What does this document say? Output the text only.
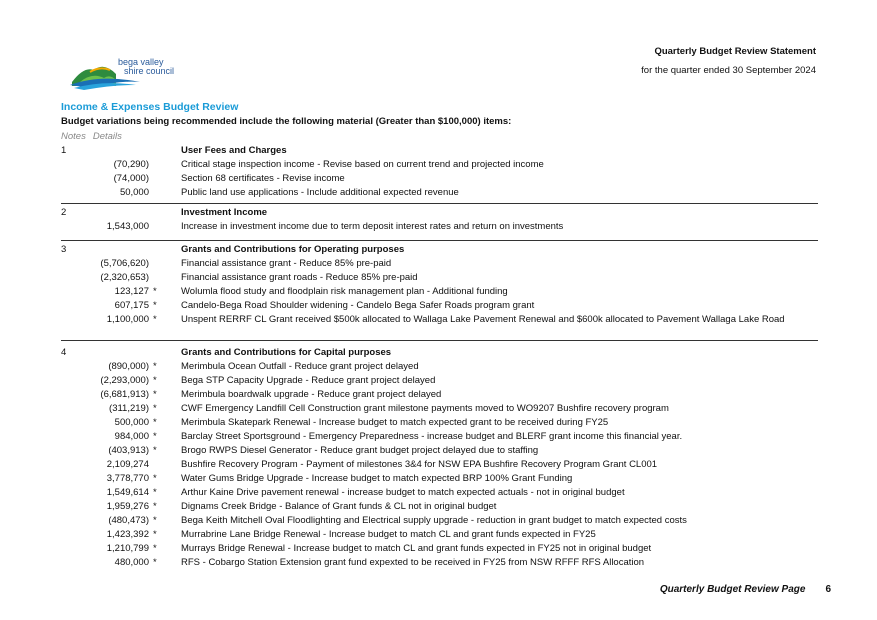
bega valley
shire council
Quarterly Budget Review Statement
for the quarter ended 30 September 2024
Income & Expenses Budget Review
Budget variations being recommended include the following material (Greater than $100,000) items:
Notes Details
1	User Fees and Charges
(70,290)	Critical stage inspection income - Revise based on current trend and projected income
(74,000)	Section 68 certificates - Revise income
50,000	Public land use applications - Include additional expected revenue
2	Investment Income
1,543,000	Increase in investment income due to term deposit interest rates and return on investments
3	Grants and Contributions for Operating purposes
(5,706,620)	Financial assistance grant - Reduce 85% pre-paid
(2,320,653)	Financial assistance grant roads - Reduce 85% pre-paid
123,127 *	Wolumla flood study and floodplain risk management plan - Additional funding
607,175 *	Candelo-Bega Road Shoulder widening - Candelo Bega Safer Roads program grant
1,100,000 *	Unspent RERRF CL Grant received $500k allocated to Wallaga Lake Pavement Renewal and $600k allocated to Pavement Wallaga Lake Road
4	Grants and Contributions for Capital purposes
(890,000) *	Merimbula Ocean Outfall - Reduce grant project delayed
(2,293,000) *	Bega STP Capacity Upgrade - Reduce grant project delayed
(6,681,913) *	Merimbula boardwalk upgrade - Reduce grant project delayed
(311,219) *	CWF Emergency Landfill Cell Construction grant milestone payments moved to WO9207 Bushfire recovery program
500,000 *	Merimbula Skatepark Renewal - Increase budget to match expected grant to be received during FY25
984,000 *	Barclay Street Sportsground - Emergency Preparedness - increase budget and BLERF grant income this financial year.
(403,913) *	Brogo RWPS Diesel Generator - Reduce grant budget project delayed due to staffing
2,109,274	Bushfire Recovery Program - Payment of milestones 3&4 for NSW EPA Bushfire Recovery Program Grant CL001
3,778,770 *	Water Gums Bridge Upgrade - Increase budget to match expected BRP 100% Grant Funding
1,549,614 *	Arthur Kaine Drive pavement renewal - increase budget to match expected actuals - not in original budget
1,959,276 *	Dignams Creek Bridge - Balance of Grant funds & CL not in original budget
(480,473) *	Bega Keith Mitchell Oval Floodlighting and Electrical supply upgrade - reduction in grant budget to match expected costs
1,423,392 *	Murrabrine Lane Bridge Renewal - Increase budget to match CL and grant funds expected in FY25
1,210,799 *	Murrays Bridge Renewal - Increase budget to match CL and grant funds expected in FY25 not in original budget
480,000 *	RFS - Cobargo Station Extension grant fund expexted to be received in FY25 from NSW RFFF RFS Allocation
Quarterly Budget Review Page 6
